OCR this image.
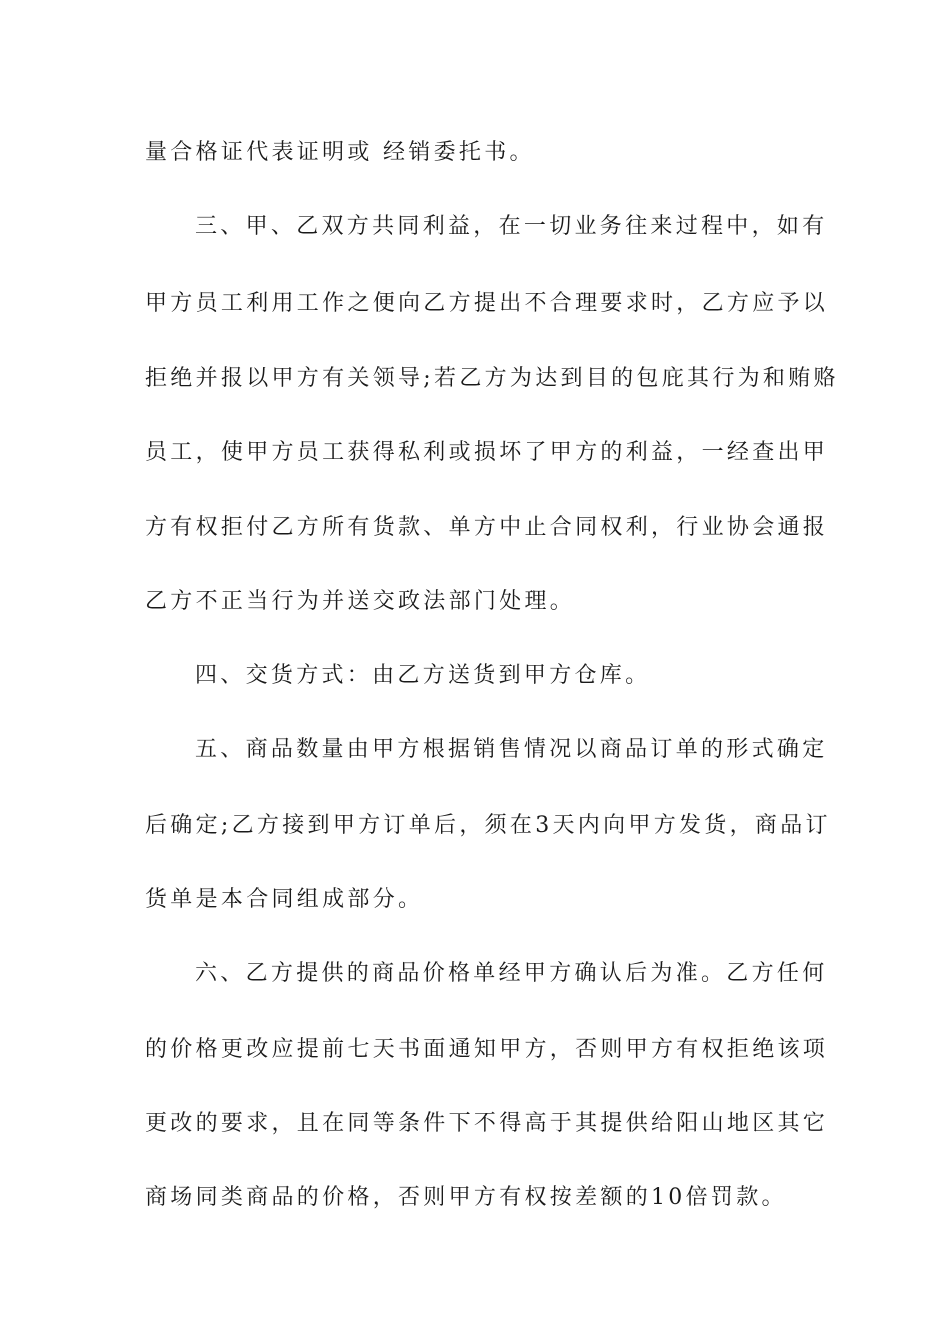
量合格证代表证明或 经销委托书。
三、甲、乙双方共同利益，在一切业务往来过程中，如有
甲方员工利用工作之便向乙方提出不合理要求时，乙方应予以
拒绝并报以甲方有关领导;若乙方为达到目的包庇其行为和贿赂
员工，使甲方员工获得私利或损坏了甲方的利益，一经查出甲
方有权拒付乙方所有货款、单方中止合同权利，行业协会通报
乙方不正当行为并送交政法部门处理。
四、交货方式：由乙方送货到甲方仓库。
五、商品数量由甲方根据销售情况以商品订单的形式确定
后确定;乙方接到甲方订单后，须在3天内向甲方发货，商品订
货单是本合同组成部分。
六、乙方提供的商品价格单经甲方确认后为准。乙方任何
的价格更改应提前七天书面通知甲方，否则甲方有权拒绝该项
更改的要求，且在同等条件下不得高于其提供给阳山地区其它
商场同类商品的价格，否则甲方有权按差额的10倍罚款。
